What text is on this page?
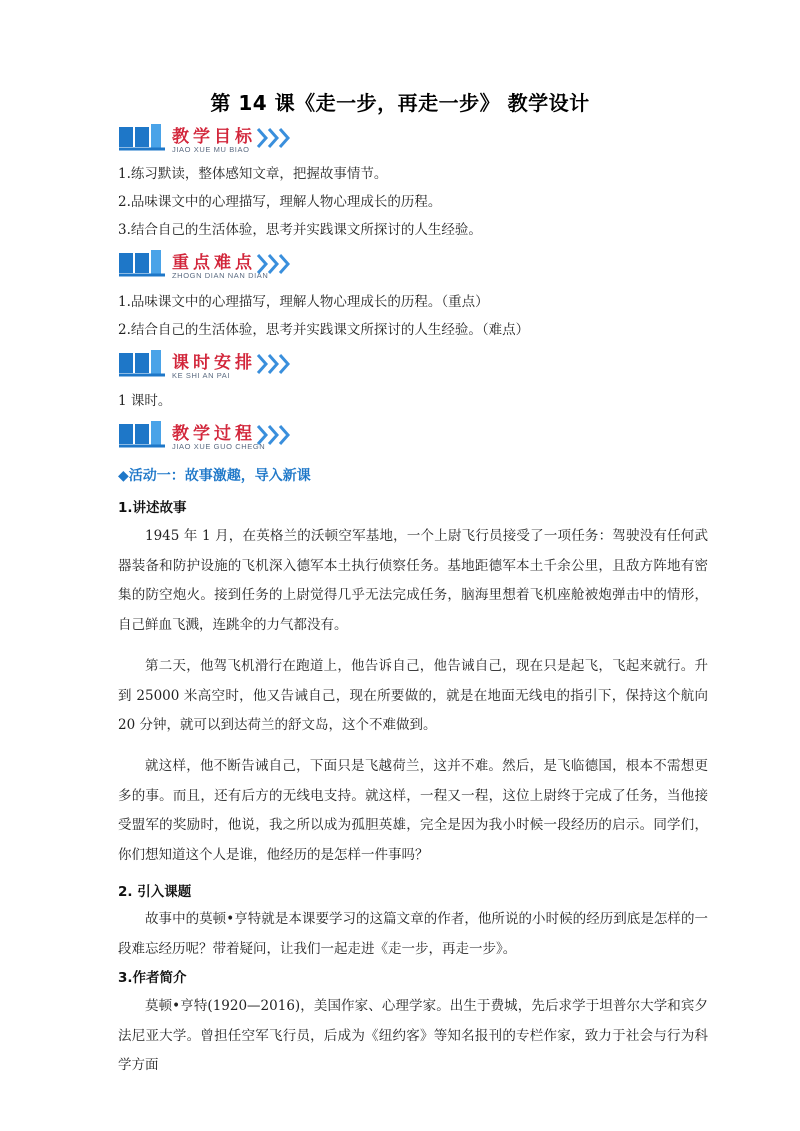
第 14 课《走一步，再走一步》 教学设计
教学目标
JIAO XUE MU BIAO
1.练习默读，整体感知文章，把握故事情节。
2.品味课文中的心理描写，理解人物心理成长的历程。
3.结合自己的生活体验，思考并实践课文所探讨的人生经验。
重点难点
ZHOGN DIAN NAN DIAN
1.品味课文中的心理描写，理解人物心理成长的历程。（重点）
2.结合自己的生活体验，思考并实践课文所探讨的人生经验。（难点）
课时安排
KE SHI AN PAI
1 课时。
教学过程
JIAO XUE GUO CHEGN
◆活动一：故事激趣，导入新课
1.讲述故事
1945 年 1 月，在英格兰的沃顿空军基地，一个上尉飞行员接受了一项任务：驾驶没有任何武器装备和防护设施的飞机深入德军本土执行侦察任务。基地距德军本土千余公里，且敌方阵地有密集的防空炮火。接到任务的上尉觉得几乎无法完成任务，脑海里想着飞机座舱被炮弹击中的情形，自己鲜血飞溅，连跳伞的力气都没有。
第二天，他驾飞机滑行在跑道上，他告诉自己，他告诫自己，现在只是起飞，飞起来就行。升到 25000 米高空时，他又告诫自己，现在所要做的，就是在地面无线电的指引下，保持这个航向 20 分钟，就可以到达荷兰的舒文岛，这个不难做到。
就这样，他不断告诫自己，下面只是飞越荷兰，这并不难。然后，是飞临德国，根本不需想更多的事。而且，还有后方的无线电支持。就这样，一程又一程，这位上尉终于完成了任务，当他接受盟军的奖励时，他说，我之所以成为孤胆英雄，完全是因为我小时候一段经历的启示。同学们，你们想知道这个人是谁，他经历的是怎样一件事吗？
2. 引入课题
故事中的莫顿•亨特就是本课要学习的这篇文章的作者，他所说的小时候的经历到底是怎样的一段难忘经历呢？带着疑问，让我们一起走进《走一步，再走一步》。
3.作者简介
莫顿•亨特(1920—2016)，美国作家、心理学家。出生于费城，先后求学于坦普尔大学和宾夕法尼亚大学。曾担任空军飞行员，后成为《纽约客》等知名报刊的专栏作家，致力于社会与行为科学方面
